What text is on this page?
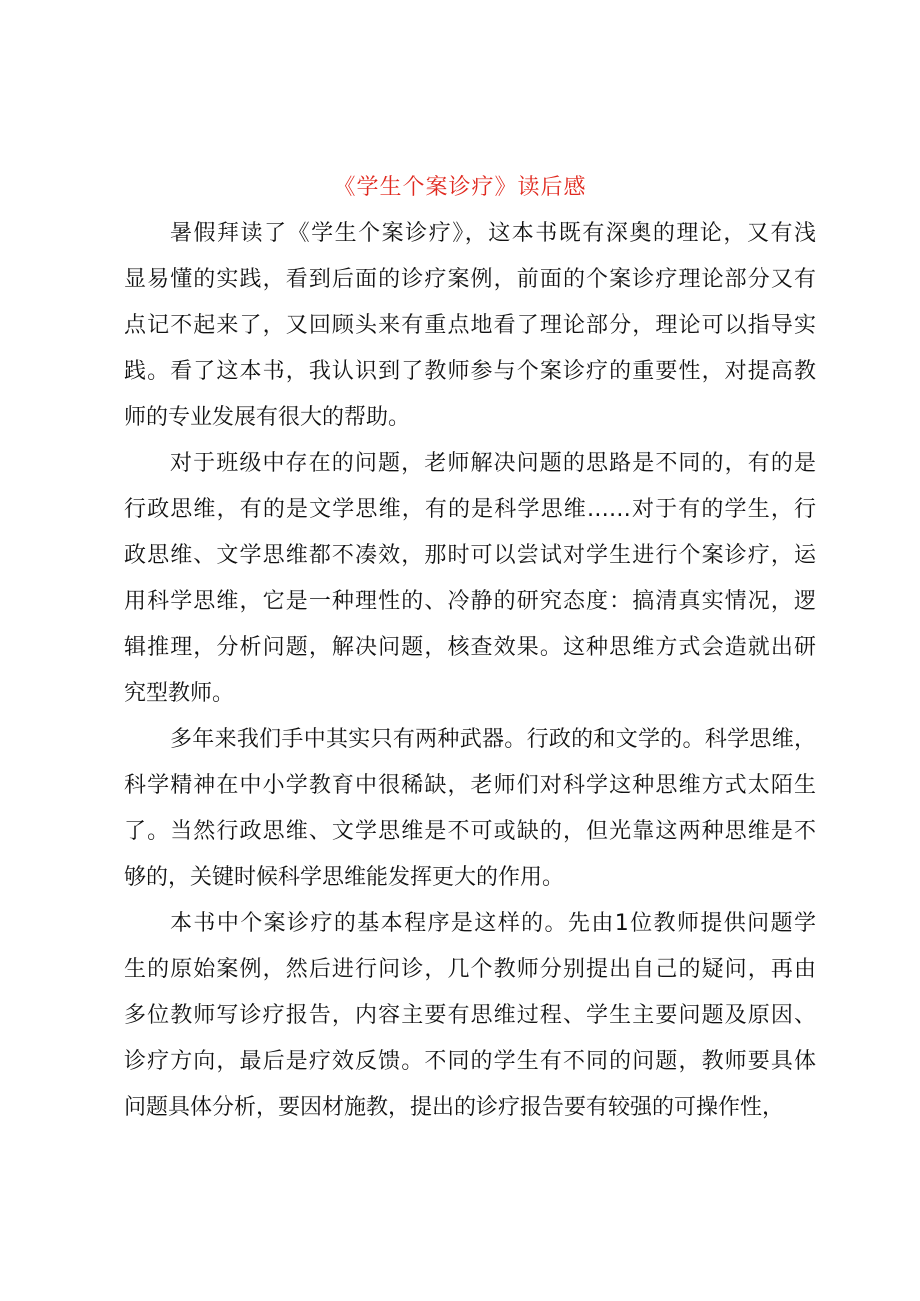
《学生个案诊疗》读后感
暑假拜读了《学生个案诊疗》，这本书既有深奥的理论，又有浅
显易懂的实践，看到后面的诊疗案例，前面的个案诊疗理论部分又有
点记不起来了，又回顾头来有重点地看了理论部分，理论可以指导实
践。看了这本书，我认识到了教师参与个案诊疗的重要性，对提高教
师的专业发展有很大的帮助。
对于班级中存在的问题，老师解决问题的思路是不同的，有的是
行政思维，有的是文学思维，有的是科学思维……对于有的学生，行
政思维、文学思维都不凑效，那时可以尝试对学生进行个案诊疗，运
用科学思维，它是一种理性的、冷静的研究态度：搞清真实情况，逻
辑推理，分析问题，解决问题，核查效果。这种思维方式会造就出研
究型教师。
多年来我们手中其实只有两种武器。行政的和文学的。科学思维，
科学精神在中小学教育中很稀缺，老师们对科学这种思维方式太陌生
了。当然行政思维、文学思维是不可或缺的，但光靠这两种思维是不
够的，关键时候科学思维能发挥更大的作用。
本书中个案诊疗的基本程序是这样的。先由1位教师提供问题学
生的原始案例，然后进行问诊，几个教师分别提出自己的疑问，再由
多位教师写诊疗报告，内容主要有思维过程、学生主要问题及原因、
诊疗方向，最后是疗效反馈。不同的学生有不同的问题，教师要具体
问题具体分析，要因材施教，提出的诊疗报告要有较强的可操作性，
